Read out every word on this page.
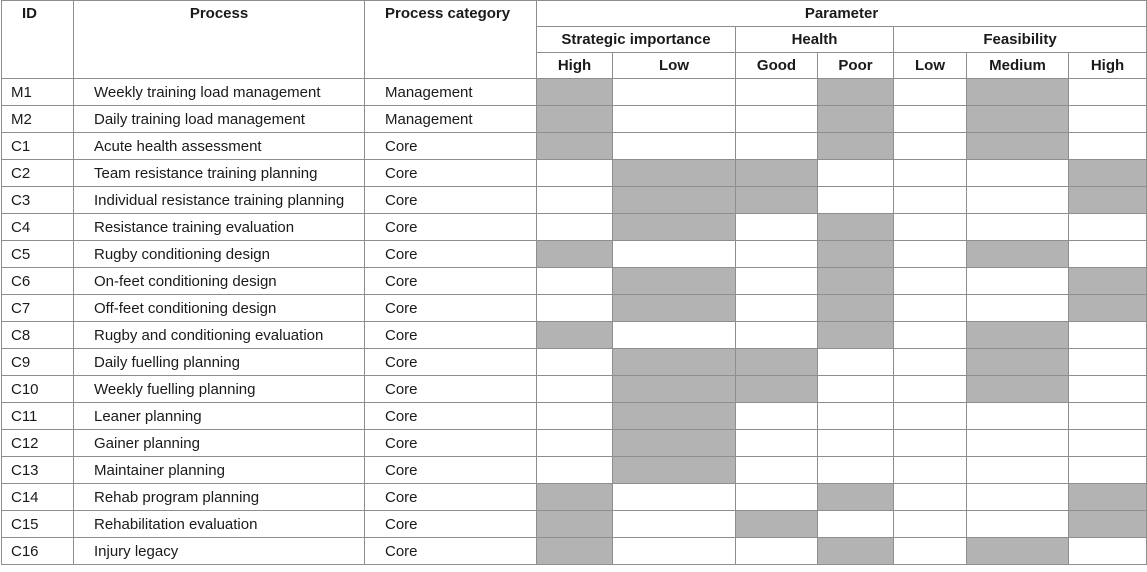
ID	Process	Process category	Parameter						
			Strategic importance		Health		Feasibility		
			High	Low	Good	Poor	Low	Medium	High
M1	Weekly training load management	Management							
M2	Daily training load management	Management							
C1	Acute health assessment	Core							
C2	Team resistance training planning	Core							
C3	Individual resistance training planning	Core							
C4	Resistance training evaluation	Core							
C5	Rugby conditioning design	Core							
C6	On-feet conditioning design	Core							
C7	Off-feet conditioning design	Core							
C8	Rugby and conditioning evaluation	Core							
C9	Daily fuelling planning	Core							
C10	Weekly fuelling planning	Core							
C11	Leaner planning	Core							
C12	Gainer planning	Core							
C13	Maintainer planning	Core							
C14	Rehab program planning	Core							
C15	Rehabilitation evaluation	Core							
C16	Injury legacy	Core							
